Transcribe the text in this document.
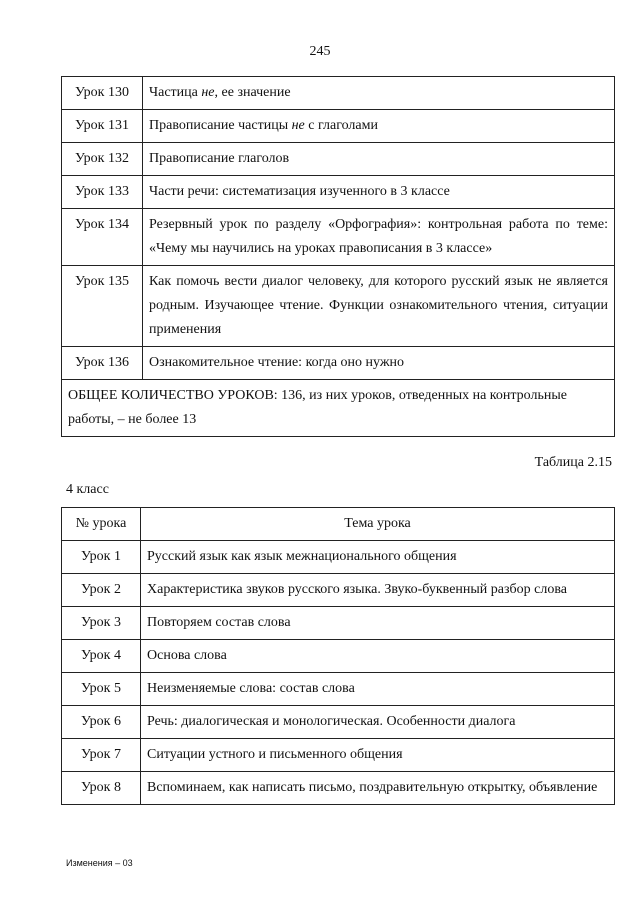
245
Урок 130	Частица не, ее значение
Урок 131	Правописание частицы не с глаголами
Урок 132	Правописание глаголов
Урок 133	Части речи: систематизация изученного в 3 классе
Урок 134	Резервный урок по разделу «Орфография»: контрольная работа по теме: «Чему мы научились на уроках правописания в 3 классе»
Урок 135	Как помочь вести диалог человеку, для которого русский язык не является родным. Изучающее чтение. Функции ознакомительного чтения, ситуации применения
Урок 136	Ознакомительное чтение: когда оно нужно
ОБЩЕЕ КОЛИЧЕСТВО УРОКОВ: 136, из них уроков, отведенных на контрольные работы, – не более 13	
Таблица 2.15
4 класс
№ урока	Тема урока
Урок 1	Русский язык как язык межнационального общения
Урок 2	Характеристика звуков русского языка. Звуко-буквенный разбор слова
Урок 3	Повторяем состав слова
Урок 4	Основа слова
Урок 5	Неизменяемые слова: состав слова
Урок 6	Речь: диалогическая и монологическая. Особенности диалога
Урок 7	Ситуации устного и письменного общения
Урок 8	Вспоминаем, как написать письмо, поздравительную открытку, объявление
Изменения – 03
